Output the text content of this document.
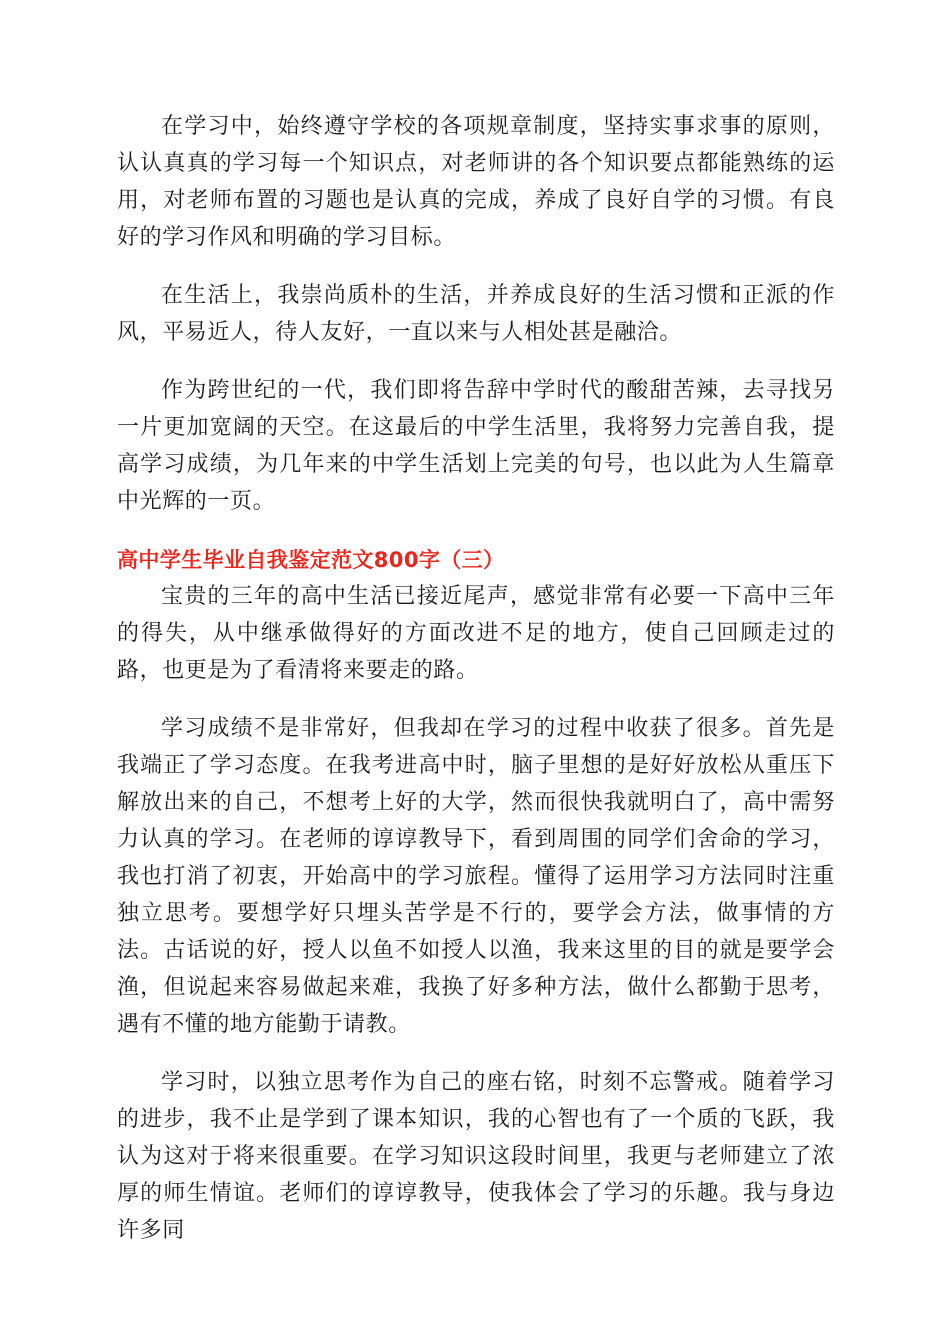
在学习中，始终遵守学校的各项规章制度，坚持实事求事的原则，认认真真的学习每一个知识点，对老师讲的各个知识要点都能熟练的运用，对老师布置的习题也是认真的完成，养成了良好自学的习惯。有良好的学习作风和明确的学习目标。

在生活上，我崇尚质朴的生活，并养成良好的生活习惯和正派的作风，平易近人，待人友好，一直以来与人相处甚是融洽。

作为跨世纪的一代，我们即将告辞中学时代的酸甜苦辣，去寻找另一片更加宽阔的天空。在这最后的中学生活里，我将努力完善自我，提高学习成绩，为几年来的中学生活划上完美的句号，也以此为人生篇章中光辉的一页。

高中学生毕业自我鉴定范文800字（三）

宝贵的三年的高中生活已接近尾声，感觉非常有必要一下高中三年的得失，从中继承做得好的方面改进不足的地方，使自己回顾走过的路，也更是为了看清将来要走的路。

学习成绩不是非常好，但我却在学习的过程中收获了很多。首先是我端正了学习态度。在我考进高中时，脑子里想的是好好放松从重压下解放出来的自己，不想考上好的大学，然而很快我就明白了，高中需努力认真的学习。在老师的谆谆教导下，看到周围的同学们舍命的学习，我也打消了初衷，开始高中的学习旅程。懂得了运用学习方法同时注重独立思考。要想学好只埋头苦学是不行的，要学会方法，做事情的方法。古话说的好，授人以鱼不如授人以渔，我来这里的目的就是要学会渔，但说起来容易做起来难，我换了好多种方法，做什么都勤于思考，遇有不懂的地方能勤于请教。

学习时，以独立思考作为自己的座右铭，时刻不忘警戒。随着学习的进步，我不止是学到了课本知识，我的心智也有了一个质的飞跃，我认为这对于将来很重要。在学习知识这段时间里，我更与老师建立了浓厚的师生情谊。老师们的谆谆教导，使我体会了学习的乐趣。我与身边许多同
